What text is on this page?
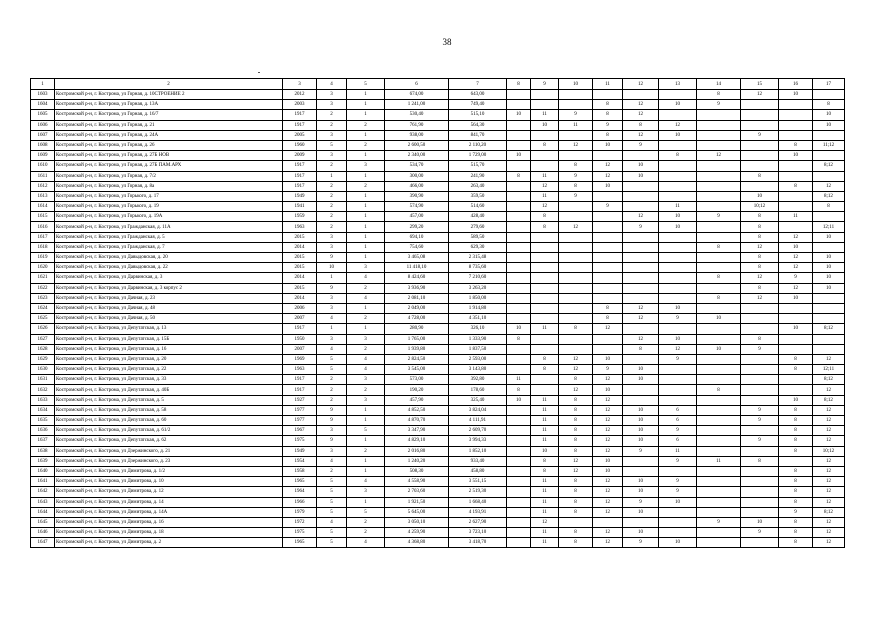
38
1	2	3	4	5	6	7	8	9	10	11	12	13	14	15	16	17
1603	Костромской р-н, г. Кострома, ул Горная, д. 10СТРОЕНИЕ 2	2012	3	1	674,00	643,00							8	12	10	
1604	Костромской р-н, г. Кострома, ул Горная, д. 13А	2003	3	1	1 241,00	749,40				8	12	10	9			8
1605	Костромской р-н, г. Кострома, ул Горная, д. 16/7	1917	2	1	530,40	515,10	10	11	9	8	12					10
1606	Костромской р-н, г. Кострома, ул Горная, д. 21	1917	2	2	761,90	564,30		10	11	9	8	12				10
1607	Костромской р-н, г. Кострома, ул Горная, д. 24А	2005	3	1	938,00	841,70				8	12	10		9		
1608	Костромской р-н, г. Кострома, ул Горная, д. 26	1960	5	2	2 600,50	2 110,20		8	12	10	9				8	11;12
1609	Костромской р-н, г. Кострома, ул Горная, д. 27Б НОВ	2009	3	1	2 340,00	1 729,00	10					8	12		10	
1610	Костромской р-н, г. Кострома, ул Горная, д. 27Б ПАМ.АРХ	1917	2	3	534,70	515,70			8	12	10					8;12
1611	Костромской р-н, г. Кострома, ул Горная, д. 7/2	1917	1	1	300,00	241,90	8	11	9	12	10			8		
1612	Костромской р-н, г. Кострома, ул Горная, д. 8а	1917	2	2	466,00	263,40		12	8	10					8	12
1613	Костромской р-н, г. Кострома, ул Горького, д. 17	1949	2	1	390,90	359,50		11	9					10		8;12
1614	Костромской р-н, г. Кострома, ул Горького, д. 19	1941	2	1	574,90	514,60		12		9		11		10;12		8
1615	Костромской р-н, г. Кострома, ул Горького, д. 19А	1959	2	1	457,00	428,40		8			12	10	9	8	11	
1616	Костромской р-н, г. Кострома, ул Гражданская, д. 11А	1963	2	1	299,20	279,60		8	12		9	10		8		12;11
1617	Костромской р-н, г. Кострома, ул Гражданская, д. 5	2015	3	1	694,10	589,50								8	12	10
1618	Костромской р-н, г. Кострома, ул Гражданская, д. 7	2014	3	1	754,60	629,30							8	12	10	
1619	Костромской р-н, г. Кострома, ул Давыдовская, д. 20	2015	9	1	3 465,08	2 315,48								8	12	10
1620	Костромской р-н, г. Кострома, ул Давыдовская, д. 22	2015	10	3	11 418,10	8 735,60								8	12	10
1621	Костромской р-н, г. Кострома, ул Дарвинская, д. 3	2014	1	4	8 424,60	7 210,60							8	12	9	10
1622	Костромской р-н, г. Кострома, ул Дарвинская, д. 3 корпус 2	2015	9	2	3 936,90	3 263,20								8	12	10
1623	Костромской р-н, г. Кострома, ул Дачная, д. 23	2014	3	4	2 081,10	1 850,00							8	12	10	
1624	Костромской р-н, г. Кострома, ул Дачная, д. 48	2006	3	1	2 049,00	1 914,80				8	12	10				
1625	Костромской р-н, г. Кострома, ул Дачная, д. 50	2007	4	2	4 728,00	4 351,10				8	12	9	10			
1626	Костромской р-н, г. Кострома, ул Депутатская, д. 13	1917	1	1	280,90	326,10	10	11	8	12					10	8;12
1627	Костромской р-н, г. Кострома, ул Депутатская, д. 15Б	1950	3	3	1 765,00	1 333,90	8				12	10		8		
1628	Костромской р-н, г. Кострома, ул Депутатская, д. 16	2007	4	2	1 939,80	1 837,50					8	12	10	9		
1629	Костромской р-н, г. Кострома, ул Депутатская, д. 20	1969	5	4	2 824,50	2 593,00		8	12	10		9			8	12
1630	Костромской р-н, г. Кострома, ул Депутатская, д. 22	1963	5	4	3 545,00	3 143,80		8	12	9	10				8	12;11
1631	Костромской р-н, г. Кострома, ул Депутатская, д. 33	1917	2	3	573,00	392,80	11		8	12	10					8;12
1632	Костромской р-н, г. Кострома, ул Депутатская, д. 40Б	1917	2	2	190,20	178,60	8		12	10			8			12
1633	Костромской р-н, г. Кострома, ул Депутатская, д. 5	1927	2	3	457,90	325,40	10	11	8	12					10	8;12
1634	Костромской р-н, г. Кострома, ул Депутатская, д. 58	1977	9	1	4 852,50	3 824,04		11	8	12	10	6		9	8	12
1635	Костромской р-н, г. Кострома, ул Депутатская, д. 60	1977	9	1	4 870,70	4 111,91		11	8	12	10	6		9	8	12
1636	Костромской р-н, г. Кострома, ул Депутатская, д. 61/2	1967	3	5	3 347,90	2 609,70		11	8	12	10	9			8	12
1637	Костромской р-н, г. Кострома, ул Депутатская, д. 62	1975	9	1	4 829,10	3 994,33		11	8	12	10	6		9	8	12
1638	Костромской р-н, г. Кострома, ул Дзержинского, д. 21	1949	3	2	2 016,80	1 852,10		10	8	12	9	11			8	10;12
1639	Костромской р-н, г. Кострома, ул Дзержинского, д. 23	1954	4	1	1 240,20	933,40		8	12	10		9	11	8		12
1640	Костромской р-н, г. Кострома, ул Димитрова, д. 1/2	1958	2	1	508,30	458,80		8	12	10					8	12
1641	Костромской р-н, г. Кострома, ул Димитрова, д. 10	1965	5	4	4 558,90	3 551,15		11	8	12	10	9			8	12
1642	Костромской р-н, г. Кострома, ул Димитрова, д. 12	1964	5	3	2 703,60	2 519,30		11	8	12	10	9			8	12
1643	Костромской р-н, г. Кострома, ул Димитрова, д. 14	1966	5	1	1 921,50	1 668,40		11	8	12	9	10			8	12
1644	Костромской р-н, г. Кострома, ул Димитрова, д. 14А	1979	5	5	5 645,00	4 193,91		11	8	12	10				9	8;12
1645	Костромской р-н, г. Кострома, ул Димитрова, д. 16	1972	4	2	3 050,10	2 627,90		12					9	10	8	12
1646	Костромской р-н, г. Кострома, ул Димитрова, д. 18	1975	5	2	4 259,90	3 723,10		11	8	12	10			9	8	12
1647	Костромской р-н, г. Кострома, ул Димитрова, д. 2	1965	5	4	4 368,80	3 418,70		11	8	12	9	10			8	12
